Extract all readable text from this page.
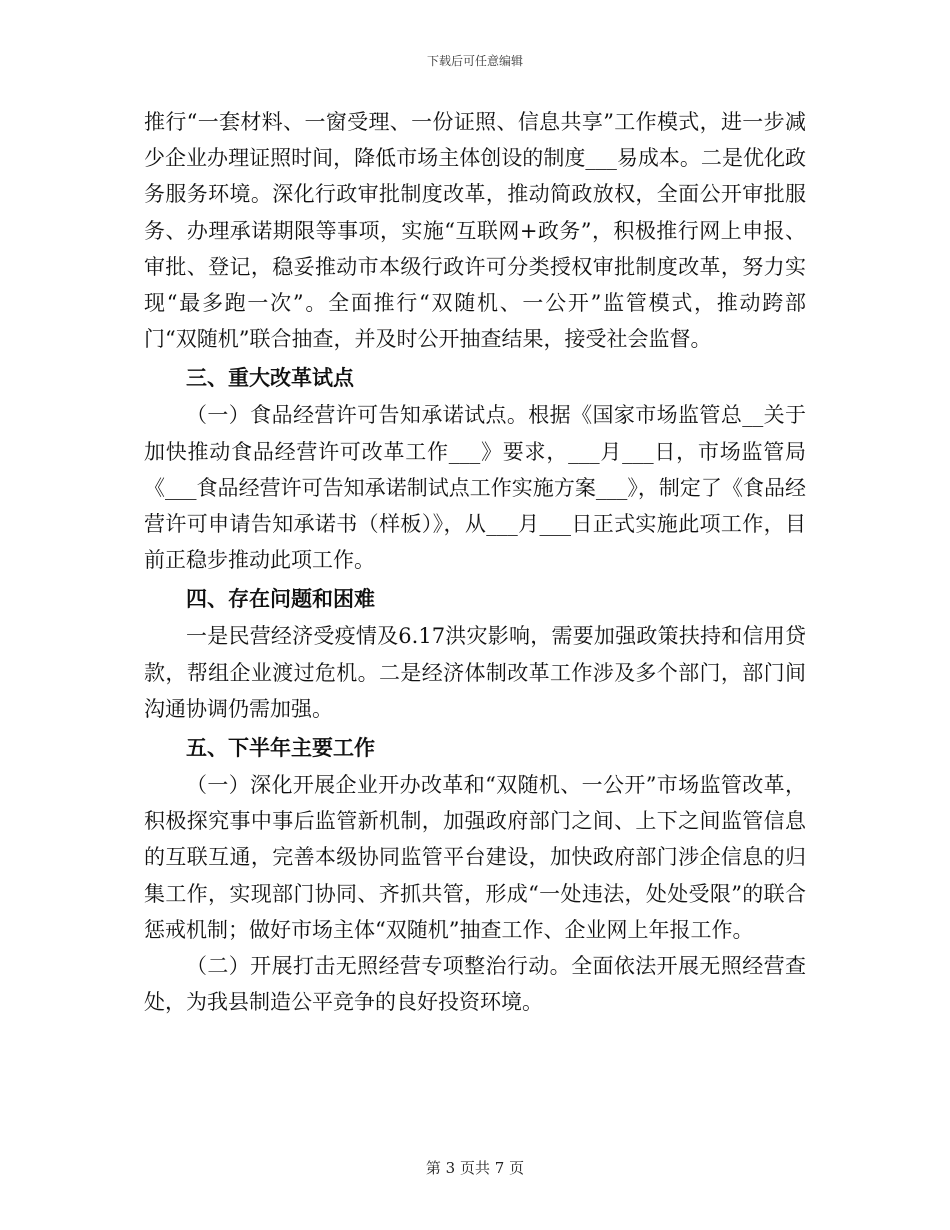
下载后可任意编辑

推行“一套材料、一窗受理、一份证照、信息共享”工作模式，进一步减少企业办理证照时间，降低市场主体创设的制度___易成本。二是优化政务服务环境。深化行政审批制度改革，推动简政放权，全面公开审批服务、办理承诺期限等事项，实施“互联网+政务”，积极推行网上申报、审批、登记，稳妥推动市本级行政许可分类授权审批制度改革，努力实现“最多跑一次”。全面推行“双随机、一公开”监管模式，推动跨部门“双随机”联合抽查，并及时公开抽查结果，接受社会监督。

三、重大改革试点

（一）食品经营许可告知承诺试点。根据《国家市场监管总__关于加快推动食品经营许可改革工作___》要求，___月___日，市场监管局《___食品经营许可告知承诺制试点工作实施方案___》，制定了《食品经营许可申请告知承诺书（样板）》，从___月___日正式实施此项工作，目前正稳步推动此项工作。

四、存在问题和困难

一是民营经济受疫情及6.17洪灾影响，需要加强政策扶持和信用贷款，帮组企业渡过危机。二是经济体制改革工作涉及多个部门，部门间沟通协调仍需加强。

五、下半年主要工作

（一）深化开展企业开办改革和“双随机、一公开”市场监管改革，积极探究事中事后监管新机制，加强政府部门之间、上下之间监管信息的互联互通，完善本级协同监管平台建设，加快政府部门涉企信息的归集工作，实现部门协同、齐抓共管，形成“一处违法，处处受限”的联合惩戒机制；做好市场主体“双随机”抽查工作、企业网上年报工作。

（二）开展打击无照经营专项整治行动。全面依法开展无照经营查处，为我县制造公平竞争的良好投资环境。

第 3 页共 7 页
